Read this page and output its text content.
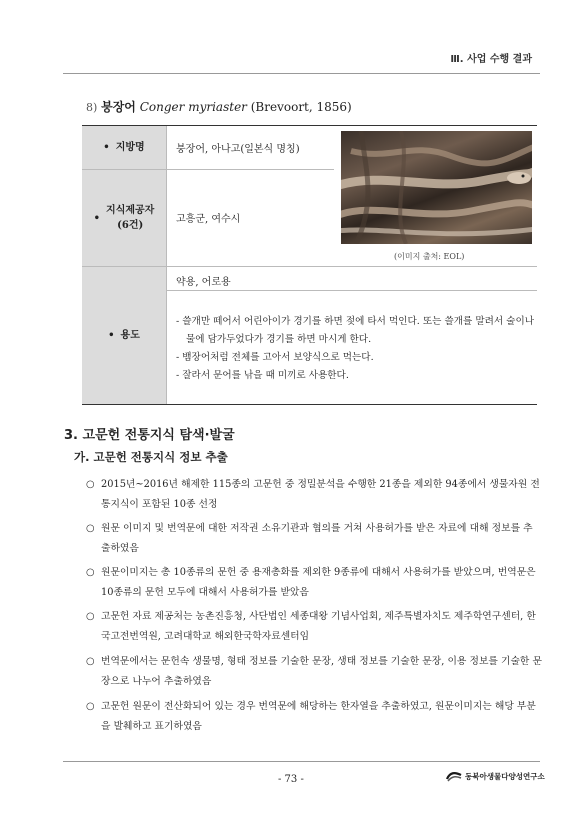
Ⅲ. 사업 수행 결과
8) 붕장어 Conger myriaster (Brevoort, 1856)
• 지방명	붕장어, 아나고(일본식 명칭)
•
지식제공자
(6건)
고흥군, 여수시
(이미지 출처: EOL)
• 용도
약용, 어로용
- 쓸개만 떼어서 어린아이가 경기를 하면 젖에 타서 먹인다. 또는 쓸개를 말려서 술이나 물에 담가두었다가 경기를 하면 마시게 한다.
- 뱀장어처럼 전체를 고아서 보양식으로 먹는다.
- 잘라서 문어를 낚을 때 미끼로 사용한다.
3. 고문헌 전통지식 탐색·발굴
가. 고문헌 전통지식 정보 추출
○ 2015년~2016년 해제한 115종의 고문헌 중 정밀분석을 수행한 21종을 제외한 94종에서 생물자원 전통지식이 포함된 10종 선정
○ 원문 이미지 및 번역문에 대한 저작권 소유기관과 협의를 거쳐 사용허가를 받은 자료에 대해 정보를 추출하였음
○ 원문이미지는 총 10종류의 문헌 중 용재총화를 제외한 9종류에 대해서 사용허가를 받았으며, 번역문은 10종류의 문헌 모두에 대해서 사용허가를 받았음
○ 고문헌 자료 제공처는 농촌진흥청, 사단법인 세종대왕 기념사업회, 제주특별자치도 제주학연구센터, 한국고전번역원, 고려대학교 해외한국학자료센터임
○ 번역문에서는 문헌속 생물명, 형태 정보를 기술한 문장, 생태 정보를 기술한 문장, 이용 정보를 기술한 문장으로 나누어 추출하였음
○ 고문헌 원문이 전산화되어 있는 경우 번역문에 해당하는 한자열을 추출하였고, 원문이미지는 해당 부분을 발췌하고 표기하였음
- 73 -	동북아생물다양성연구소
